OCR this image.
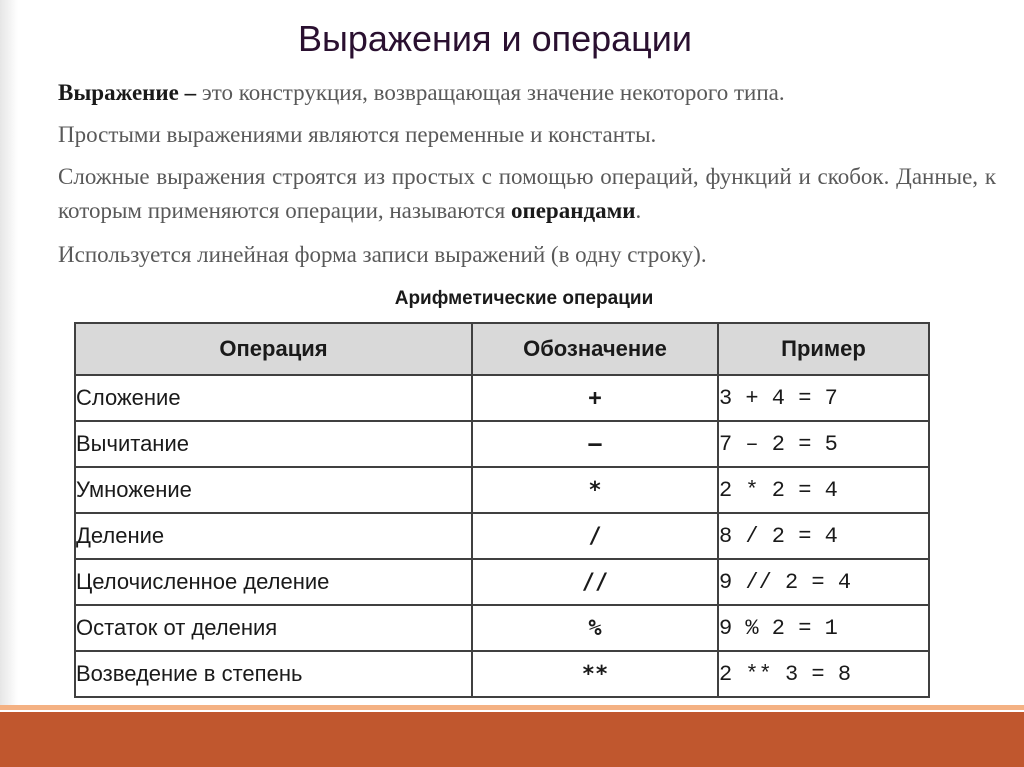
Выражения и операции
Выражение – это конструкция, возвращающая значение некоторого типа.
Простыми выражениями являются переменные и константы.
Сложные выражения строятся из простых с помощью операций, функций и скобок. Данные, к которым применяются операции, называются операндами.
Используется линейная форма записи выражений (в одну строку).
Арифметические операции
Операция	Обозначение	Пример
Сложение	+	3 + 4 = 7
Вычитание	–	7 – 2 = 5
Умножение	*	2 * 2 = 4
Деление	/	8 / 2 = 4
Целочисленное деление	//	9 // 2 = 4
Остаток от деления	%	9 % 2 = 1
Возведение в степень	**	2 ** 3 = 8
